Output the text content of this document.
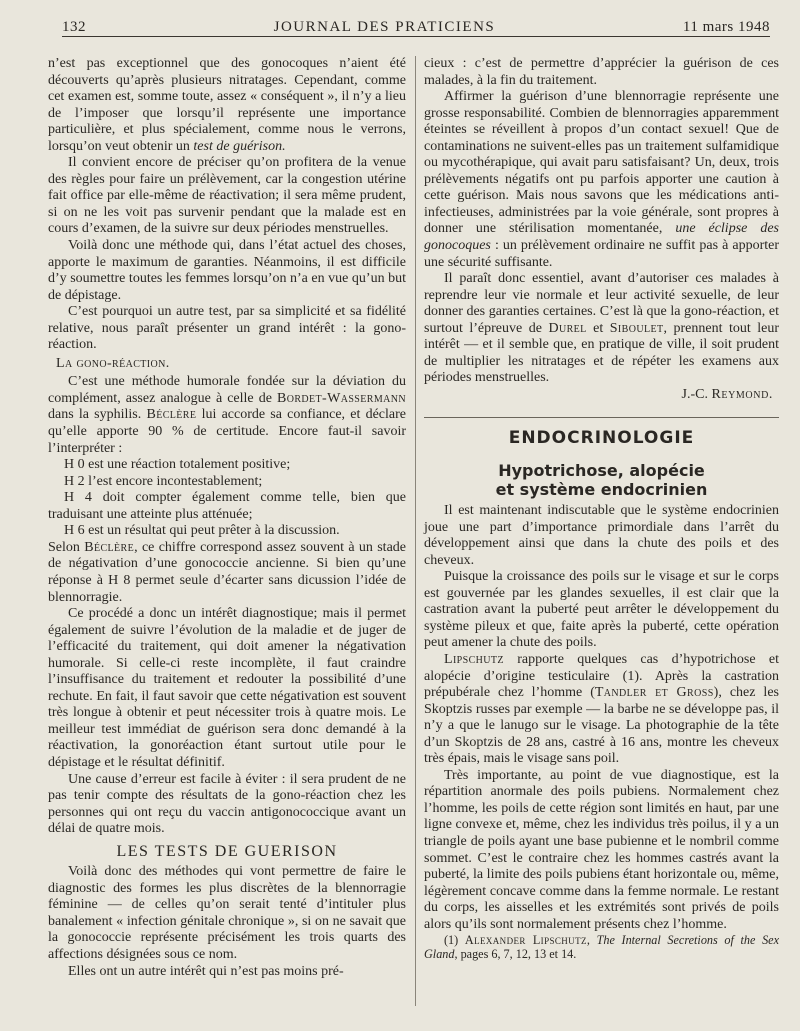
132	JOURNAL DES PRATICIENS	11 mars 1948

n’est pas exceptionnel que des gonocoques n’aient été découverts qu’après plusieurs nitratages. Cependant, comme cet examen est, somme toute, assez « conséquent », il n’y a lieu de l’imposer que lorsqu’il représente une importance particulière, et plus spécialement, comme nous le verrons, lorsqu’on veut obtenir un test de guérison.

Il convient encore de préciser qu’on profitera de la venue des règles pour faire un prélèvement, car la congestion utérine fait office par elle-même de réactivation; il sera même prudent, si on ne les voit pas survenir pendant que la malade est en cours d’examen, de la suivre sur deux périodes menstruelles.

Voilà donc une méthode qui, dans l’état actuel des choses, apporte le maximum de garanties. Néanmoins, il est difficile d’y soumettre toutes les femmes lorsqu’on n’a en vue qu’un but de dépistage.

C’est pourquoi un autre test, par sa simplicité et sa fidélité relative, nous paraît présenter un grand intérêt : la gono-réaction.

La gono-réaction.

C’est une méthode humorale fondée sur la déviation du complément, assez analogue à celle de Bordet-Wassermann dans la syphilis. Béclère lui accorde sa confiance, et déclare qu’elle apporte 90 % de certitude. Encore faut-il savoir l’interpréter :

H 0 est une réaction totalement positive;

H 2 l’est encore incontestablement;

H 4 doit compter également comme telle, bien que traduisant une atteinte plus atténuée;

H 6 est un résultat qui peut prêter à la discussion.

Selon Béclère, ce chiffre correspond assez souvent à un stade de négativation d’une gonococcie ancienne. Si bien qu’une réponse à H 8 permet seule d’écarter sans dicussion l’idée de blennorragie.

Ce procédé a donc un intérêt diagnostique; mais il permet également de suivre l’évolution de la maladie et de juger de l’efficacité du traitement, qui doit amener la négativation humorale. Si celle-ci reste incomplète, il faut craindre l’insuffisance du traitement et redouter la possibilité d’une rechute. En fait, il faut savoir que cette négativation est souvent très longue à obtenir et peut nécessiter trois à quatre mois. Le meilleur test immédiat de guérison sera donc demandé à la réactivation, la gonoréaction étant surtout utile pour le dépistage et le résultat définitif.

Une cause d’erreur est facile à éviter : il sera prudent de ne pas tenir compte des résultats de la gono-réaction chez les personnes qui ont reçu du vaccin antigonococcique avant un délai de quatre mois.

LES TESTS DE GUERISON

Voilà donc des méthodes qui vont permettre de faire le diagnostic des formes les plus discrètes de la blennorragie féminine — de celles qu’on serait tenté d’intituler plus banalement « infection génitale chronique », si on ne savait que la gonococcie représente précisément les trois quarts des affections désignées sous ce nom.

Elles ont un autre intérêt qui n’est pas moins pré-

cieux : c’est de permettre d’apprécier la guérison de ces malades, à la fin du traitement.

Affirmer la guérison d’une blennorragie représente une grosse responsabilité. Combien de blennorragies apparemment éteintes se réveillent à propos d’un contact sexuel! Que de contaminations ne suivent-elles pas un traitement sulfamidique ou mycothérapique, qui avait paru satisfaisant? Un, deux, trois prélèvements négatifs ont pu parfois apporter une caution à cette guérison. Mais nous savons que les médications anti-infectieuses, administrées par la voie générale, sont propres à donner une stérilisation momentanée, une éclipse des gonocoques : un prélèvement ordinaire ne suffit pas à apporter une sécurité suffisante.

Il paraît donc essentiel, avant d’autoriser ces malades à reprendre leur vie normale et leur activité sexuelle, de leur donner des garanties certaines. C’est là que la gono-réaction, et surtout l’épreuve de Durel et Siboulet, prennent tout leur intérêt — et il semble que, en pratique de ville, il soit prudent de multiplier les nitratages et de répéter les examens aux périodes menstruelles.

J.-C. Reymond.

ENDOCRINOLOGIE
Hypotrichose, alopécie
et système endocrinien

Il est maintenant indiscutable que le système endocrinien joue une part d’importance primordiale dans l’arrêt du développement ainsi que dans la chute des poils et des cheveux.

Puisque la croissance des poils sur le visage et sur le corps est gouvernée par les glandes sexuelles, il est clair que la castration avant la puberté peut arrêter le développement du système pileux et que, faite après la puberté, cette opération peut amener la chute des poils.

Lipschutz rapporte quelques cas d’hypotrichose et alopécie d’origine testiculaire (1). Après la castration prépubérale chez l’homme (Tandler et Gross), chez les Skoptzis russes par exemple — la barbe ne se développe pas, il n’y a que le lanugo sur le visage. La photographie de la tête d’un Skoptzis de 28 ans, castré à 16 ans, montre les cheveux très épais, mais le visage sans poil.

Très importante, au point de vue diagnostique, est la répartition anormale des poils pubiens. Normalement chez l’homme, les poils de cette région sont limités en haut, par une ligne convexe et, même, chez les individus très poilus, il y a un triangle de poils ayant une base pubienne et le nombril comme sommet. C’est le contraire chez les hommes castrés avant la puberté, la limite des poils pubiens étant horizontale ou, même, légèrement concave comme dans la femme normale. Le restant du corps, les aisselles et les extrémités sont privés de poils alors qu’ils sont normalement présents chez l’homme.

(1) Alexander Lipschutz, The Internal Secretions of the Sex Gland, pages 6, 7, 12, 13 et 14.
